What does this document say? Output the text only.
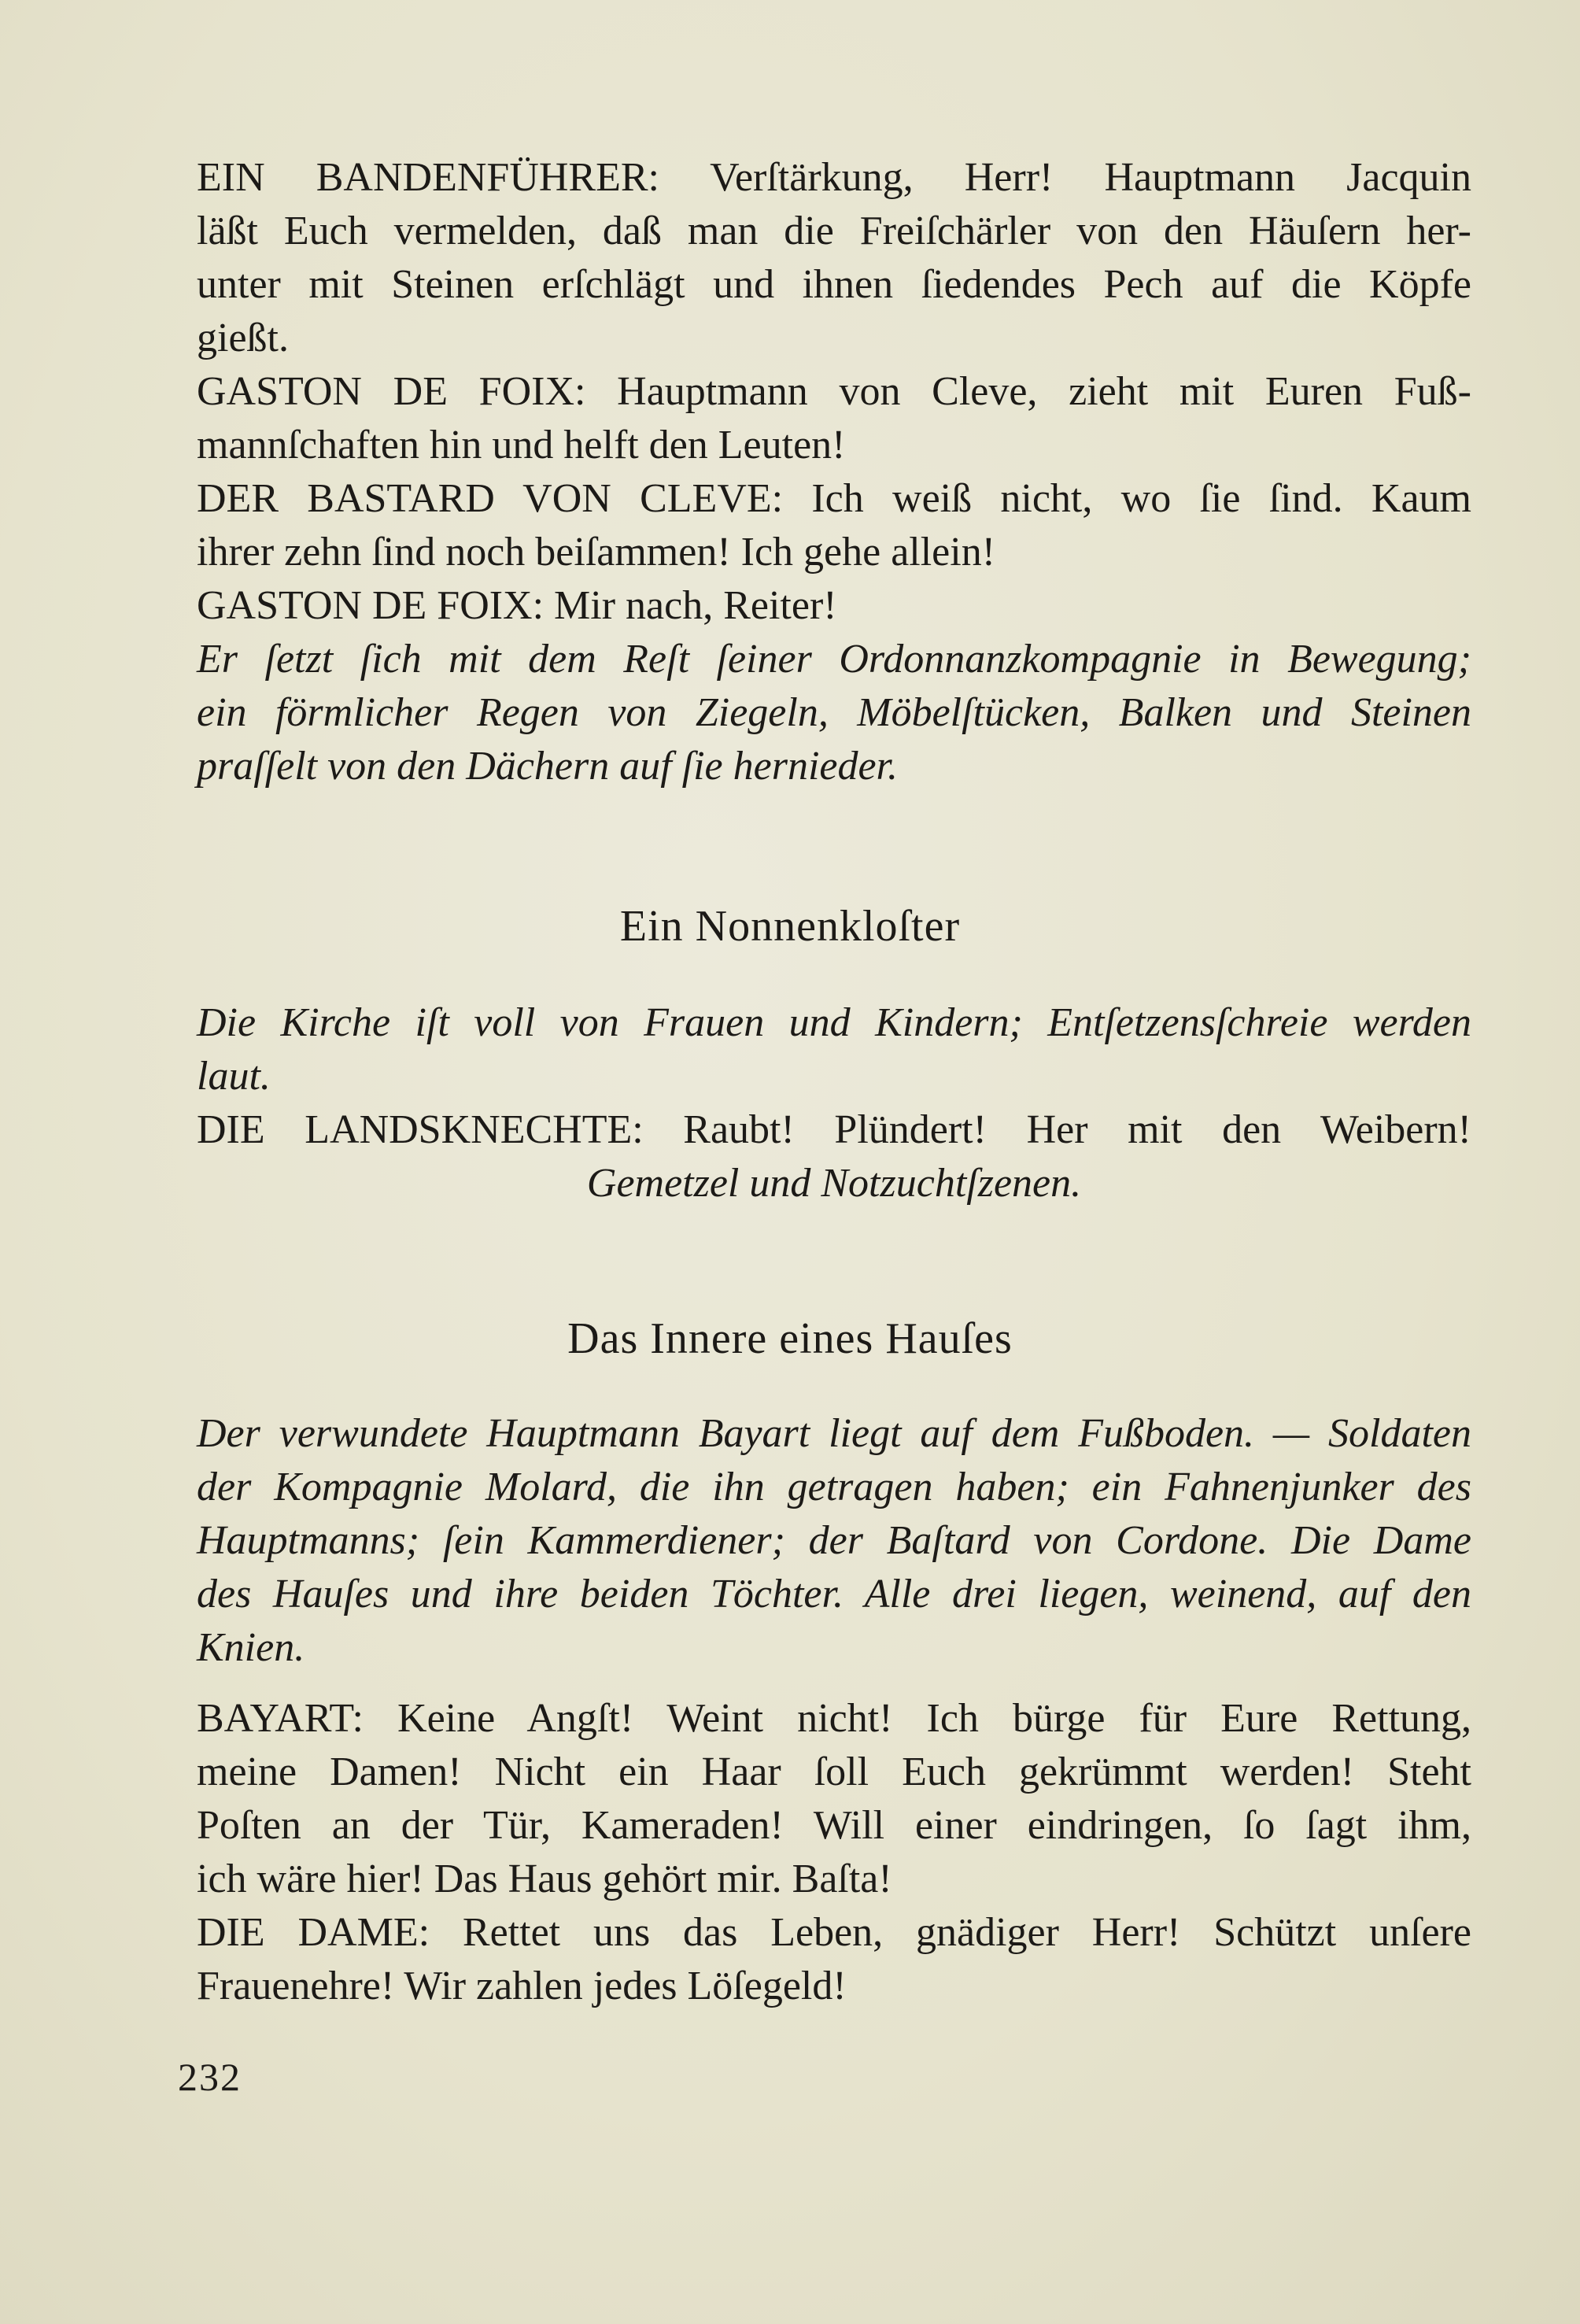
EIN BANDENFÜHRER: Verſtärkung, Herr! Hauptmann Jacquin
läßt Euch vermelden, daß man die Freiſchärler von den Häuſern her-
unter mit Steinen erſchlägt und ihnen ſiedendes Pech auf die Köpfe
gießt.
GASTON DE FOIX: Hauptmann von Cleve, zieht mit Euren Fuß-
mannſchaften hin und helft den Leuten!
DER BASTARD VON CLEVE: Ich weiß nicht, wo ſie ſind. Kaum
ihrer zehn ſind noch beiſammen! Ich gehe allein!
GASTON DE FOIX: Mir nach, Reiter!
Er ſetzt ſich mit dem Reſt ſeiner Ordonnanzkompagnie in Bewegung;
ein förmlicher Regen von Ziegeln, Möbelſtücken, Balken und Steinen
praſſelt von den Dächern auf ſie hernieder.
Ein Nonnenkloſter
Die Kirche iſt voll von Frauen und Kindern; Entſetzensſchreie werden
laut.
DIE LANDSKNECHTE: Raubt! Plündert! Her mit den Weibern!
Gemetzel und Notzuchtſzenen.
Das Innere eines Hauſes
Der verwundete Hauptmann Bayart liegt auf dem Fußboden. — Soldaten
der Kompagnie Molard, die ihn getragen haben; ein Fahnenjunker des
Hauptmanns; ſein Kammerdiener; der Baſtard von Cordone. Die Dame
des Hauſes und ihre beiden Töchter. Alle drei liegen, weinend, auf den
Knien.
BAYART: Keine Angſt! Weint nicht! Ich bürge für Eure Rettung,
meine Damen! Nicht ein Haar ſoll Euch gekrümmt werden! Steht
Poſten an der Tür, Kameraden! Will einer eindringen, ſo ſagt ihm,
ich wäre hier! Das Haus gehört mir. Baſta!
DIE DAME: Rettet uns das Leben, gnädiger Herr! Schützt unſere
Frauenehre! Wir zahlen jedes Löſegeld!
232
